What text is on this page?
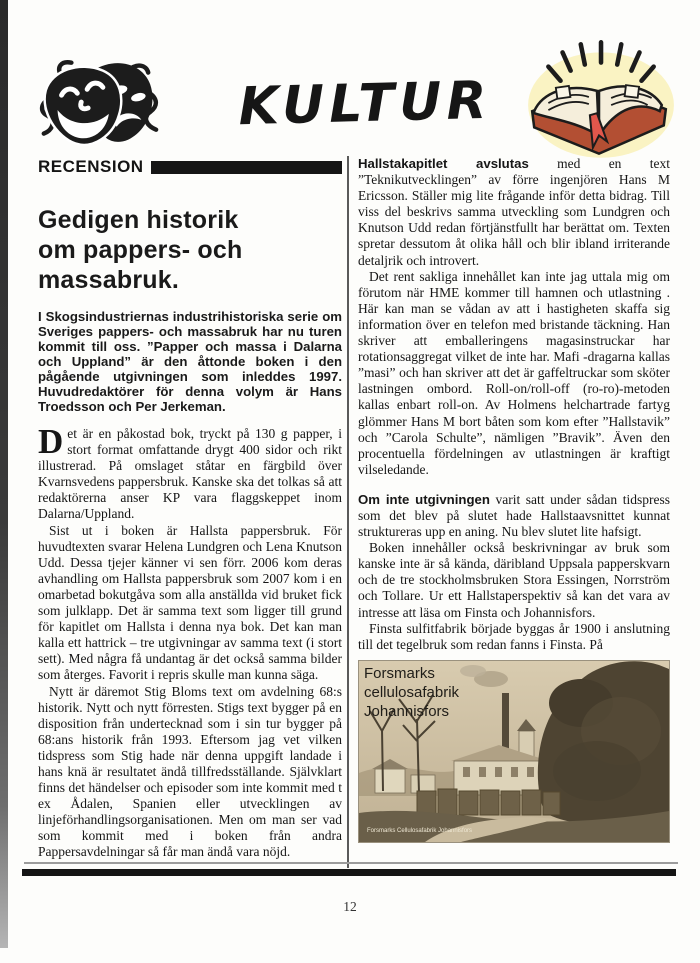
KULTUR
RECENSION
Gedigen historik
om pappers- och
massabruk.

I Skogsindustriernas industrihistoriska serie om Sveriges pappers- och massabruk har nu turen kommit till oss. ”Papper och massa i Dalarna och Uppland” är den åttonde boken i den pågående utgivningen som inleddes 1997. Huvudredaktörer för denna volym är Hans Troedsson och Per Jerkeman.

Det är en påkostad bok, tryckt på 130 g papper, i stort format omfattande drygt 400 sidor och rikt illustrerad. På omslaget ståtar en färgbild över Kvarnsvedens pappersbruk. Kanske ska det tolkas så att redaktörerna anser KP vara flaggskeppet inom Dalarna/Uppland.

Sist ut i boken är Hallsta pappersbruk. För huvudtexten svarar Helena Lundgren och Lena Knutson Udd. Dessa tjejer känner vi sen förr. 2006 kom deras avhandling om Hallsta pappersbruk som 2007 kom i en omarbetad bokutgåva som alla anställda vid bruket fick som julklapp. Det är samma text som ligger till grund för kapitlet om Hallsta i denna nya bok. Det kan man kalla ett hattrick – tre utgivningar av samma text (i stort sett). Med några få undantag är det också samma bilder som återges. Favorit i repris skulle man kunna säga.

Nytt är däremot Stig Bloms text om avdelning 68:s historik. Nytt och nytt förresten. Stigs text bygger på en disposition från undertecknad som i sin tur bygger på 68:ans historik från 1993. Eftersom jag vet vilken tidspress som Stig hade när denna uppgift landade i hans knä är resultatet ändå tillfredsställande. Självklart finns det händelser och episoder som inte kommit med t ex Ådalen, Spanien eller utvecklingen av linjeförhandlingsorganisationen. Men om man ser vad som kommit med i boken från andra Pappersavdelningar så får man ändå vara nöjd.

Hallstakapitlet avslutas med en text ”Teknikutvecklingen” av förre ingenjören Hans M Ericsson. Ställer mig lite frågande inför detta bidrag. Till viss del beskrivs samma utveckling som Lundgren och Knutson Udd redan förtjänstfullt har berättat om. Texten spretar dessutom åt olika håll och blir ibland irriterande detaljrik och introvert.

Det rent sakliga innehållet kan inte jag uttala mig om förutom när HME kommer till hamnen och utlastning . Här kan man se vådan av att i hastigheten skaffa sig information över en telefon med bristande täckning. Han skriver att emballeringens magasinstruckar har rotationsaggregat vilket de inte har. Mafi -dragarna kallas ”masi” och han skriver att det är gaffeltruckar som sköter lastningen ombord. Roll-on/roll-off (ro-ro)-metoden kallas enbart roll-on. Av Holmens helchartrade fartyg glömmer Hans M bort båten som kom efter ”Hallstavik” och ”Carola Schulte”, nämligen ”Bravik”. Även den procentuella fördelningen av utlastningen är kraftigt vilseledande.

Om inte utgivningen varit satt under sådan tidspress som det blev på slutet hade Hallstaavsnittet kunnat struktureras upp en aning. Nu blev slutet lite hafsigt.

Boken innehåller också beskrivningar av bruk som kanske inte är så kända, däribland Uppsala papperskvarn och de tre stockholmsbruken Stora Essingen, Norrström och Tollare. Ur ett Hallstaperspektiv så kan det vara av intresse att läsa om Finsta och Johannisfors.

Finsta sulfitfabrik började byggas år 1900 i anslutning till det tegelbruk som redan fanns i Finsta. På

Forsmarks Cellulosafabrik Johannisfors
Forsmarks
cellulosafabrik
Johannisfors
12
